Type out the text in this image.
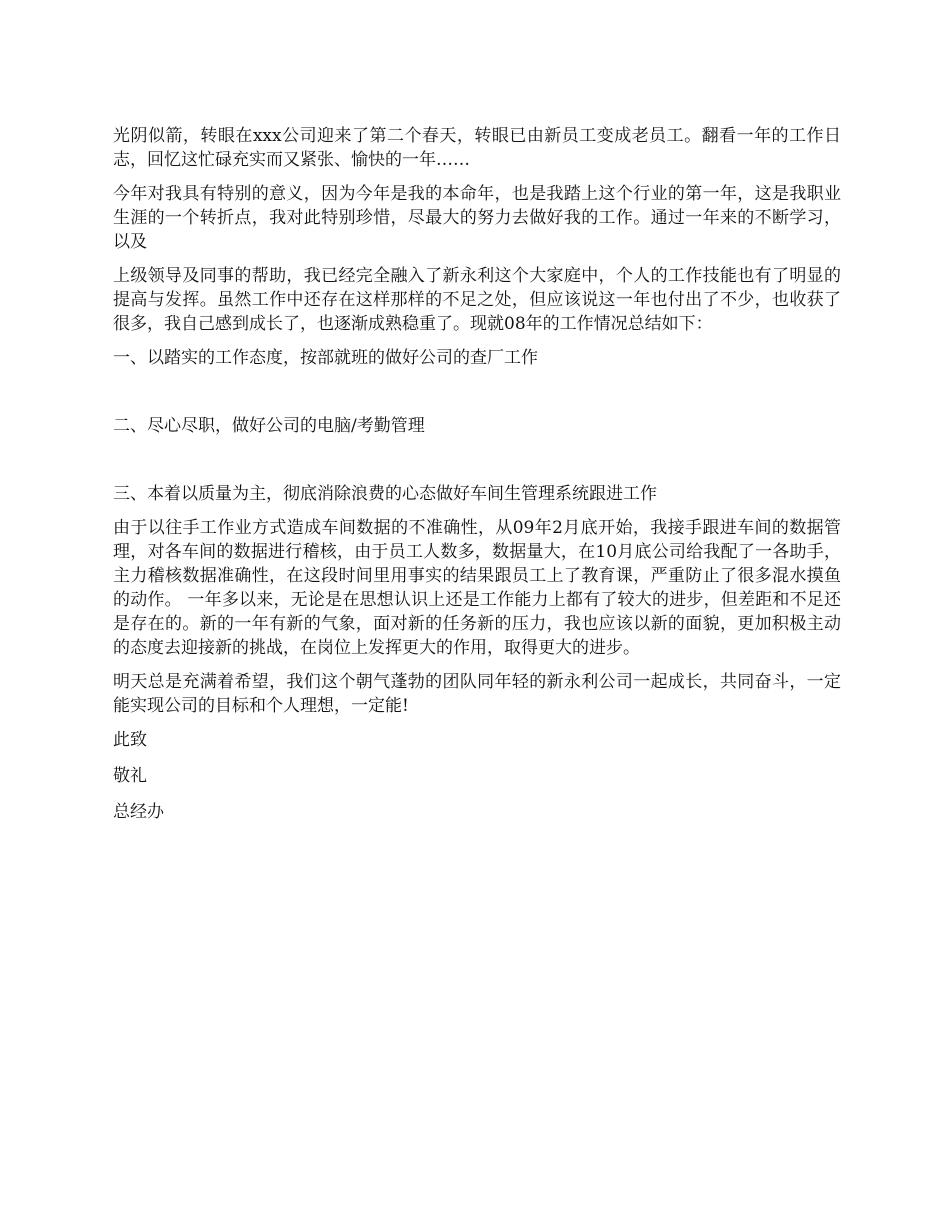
光阴似箭，转眼在xxx公司迎来了第二个春天，转眼已由新员工变成老员工。翻看一年的工作日志，回忆这忙碌充实而又紧张、愉快的一年……

今年对我具有特别的意义，因为今年是我的本命年，也是我踏上这个行业的第一年，这是我职业生涯的一个转折点，我对此特别珍惜，尽最大的努力去做好我的工作。通过一年来的不断学习，以及

上级领导及同事的帮助，我已经完全融入了新永利这个大家庭中，个人的工作技能也有了明显的提高与发挥。虽然工作中还存在这样那样的不足之处，但应该说这一年也付出了不少，也收获了很多，我自己感到成长了，也逐渐成熟稳重了。现就08年的工作情况总结如下：

一、以踏实的工作态度，按部就班的做好公司的查厂工作

二、尽心尽职，做好公司的电脑/考勤管理

三、本着以质量为主，彻底消除浪费的心态做好车间生管理系统跟进工作

由于以往手工作业方式造成车间数据的不准确性，从09年2月底开始，我接手跟进车间的数据管理，对各车间的数据进行稽核，由于员工人数多，数据量大，在10月底公司给我配了一各助手，主力稽核数据准确性，在这段时间里用事实的结果跟员工上了教育课，严重防止了很多混水摸鱼的动作。 一年多以来，无论是在思想认识上还是工作能力上都有了较大的进步，但差距和不足还是存在的。新的一年有新的气象，面对新的任务新的压力，我也应该以新的面貌，更加积极主动的态度去迎接新的挑战，在岗位上发挥更大的作用，取得更大的进步。

明天总是充满着希望，我们这个朝气蓬勃的团队同年轻的新永利公司一起成长，共同奋斗，一定能实现公司的目标和个人理想，一定能!

此致

敬礼

总经办
